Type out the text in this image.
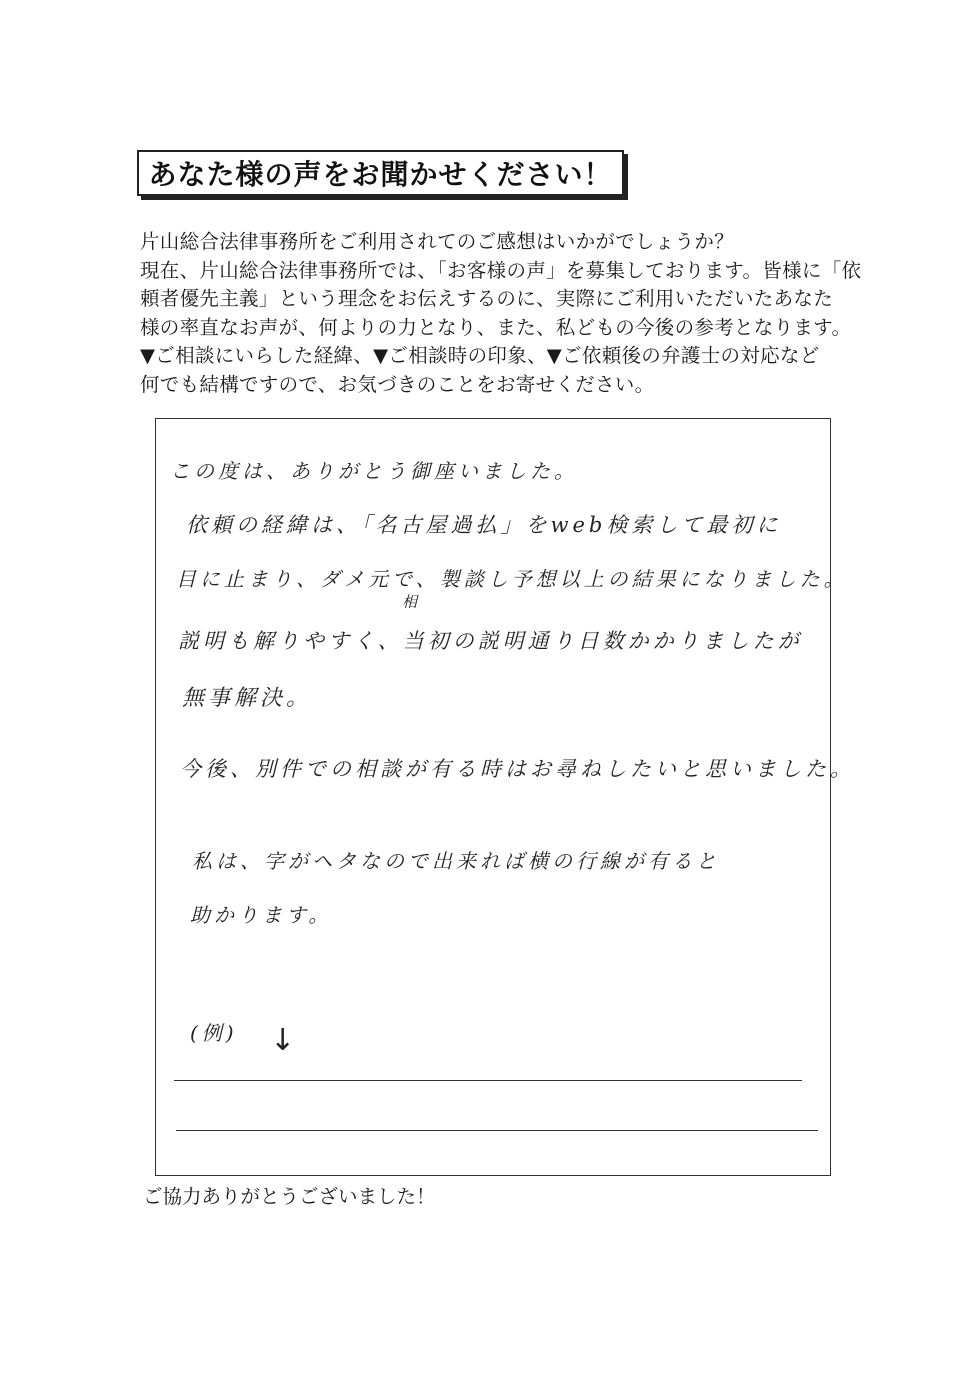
あなた様の声をお聞かせください！
片山総合法律事務所をご利用されてのご感想はいかがでしょうか？
現在、片山総合法律事務所では、「お客様の声」を募集しております。皆様に「依
頼者優先主義」という理念をお伝えするのに、実際にご利用いただいたあなた
様の率直なお声が、何よりの力となり、また、私どもの今後の参考となります。
▼ご相談にいらした経緯、▼ご相談時の印象、▼ご依頼後の弁護士の対応など
何でも結構ですので、お気づきのことをお寄せください。
この度は、ありがとう御座いました。
依頼の経緯は、「名古屋過払」をweb検索して最初に
目に止まり、ダメ元で、製談し予想以上の結果になりました。
相
説明も解りやすく、当初の説明通り日数かかりましたが
無事解決。
今後、別件での相談が有る時はお尋ねしたいと思いました。
私は、字がヘタなので出来れば横の行線が有ると
助かります。
(例) ↓
ご協力ありがとうございました！
